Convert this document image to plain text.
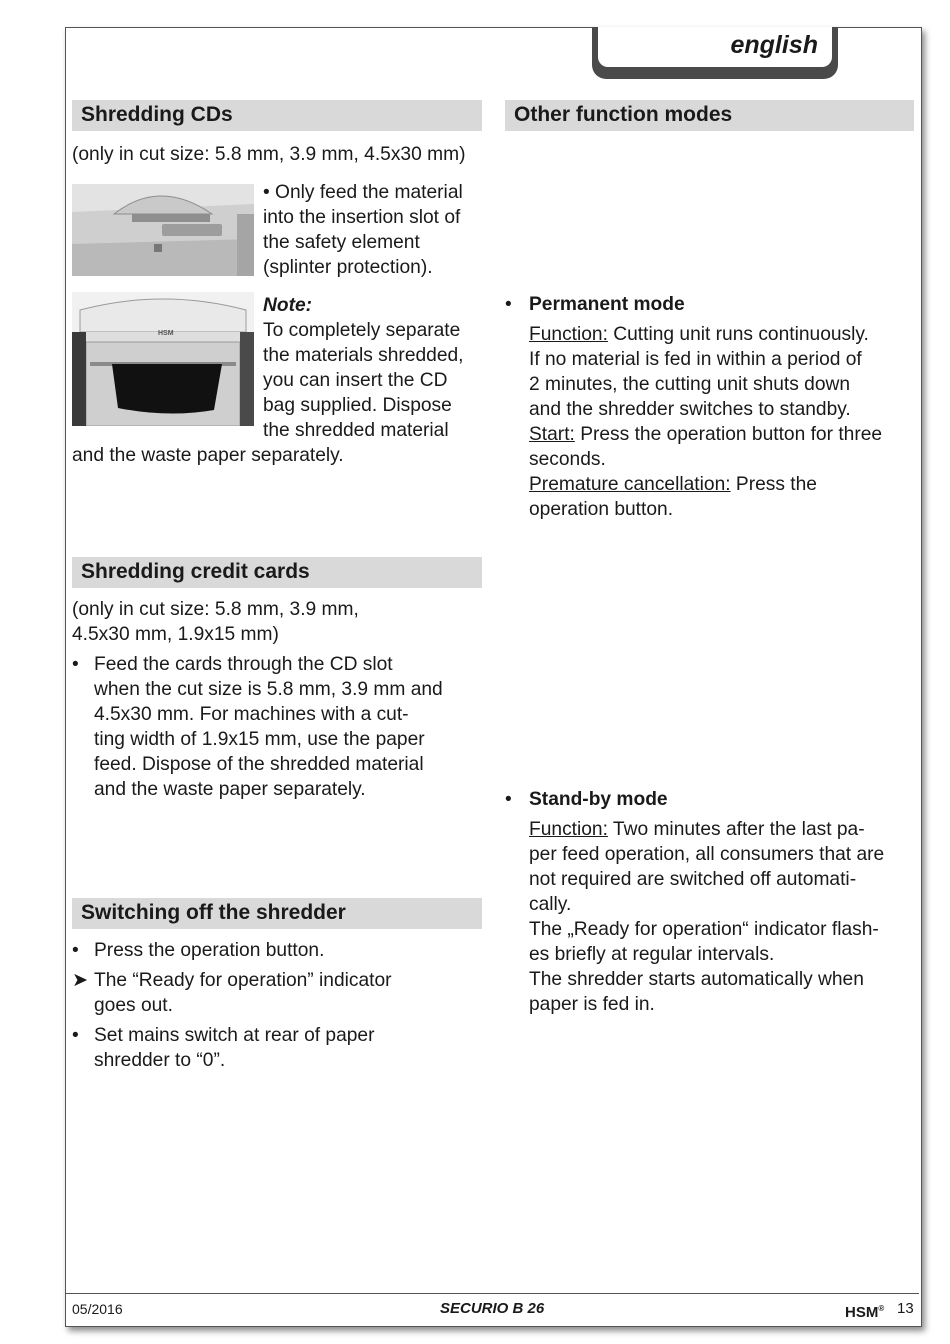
english
Shredding CDs
(only in cut size: 5.8 mm, 3.9 mm, 4.5x30 mm)

• Only feed the material

into the insertion slot of

the safety element

(splinter protection).

HSM

Note:

To completely separate

the materials shredded,

you can insert the CD

bag supplied. Dispose

the shredded material

and the waste paper separately.
Shredding credit cards

(only in cut size: 5.8 mm, 3.9 mm,

4.5x30 mm, 1.9x15 mm)

• Feed the cards through the CD slot

when the cut size is 5.8 mm, 3.9 mm and

4.5x30 mm. For machines with a cut-

ting width of 1.9x15 mm, use the paper

feed. Dispose of the shredded material

and the waste paper separately.

Switching off the shredder
• Press the operation button.

➤ The “Ready for operation” indicator

goes out.

• Set mains switch at rear of paper

shredder to “0”.

Other function modes
• Permanent mode

Function: Cutting unit runs continuously.

If no material is fed in within a period of

2 minutes, the cutting unit shuts down

and the shredder switches to standby.

Start: Press the operation button for three

seconds.

Premature cancellation: Press the

operation button.

• Stand-by mode

Function: Two minutes after the last pa-

per feed operation, all consumers that are

not required are switched off automati-

cally.

The „Ready for operation“ indicator flash-

es briefly at regular intervals.

The shredder starts automatically when

paper is fed in.

05/2016	SECURIO B 26	HSM® 13
